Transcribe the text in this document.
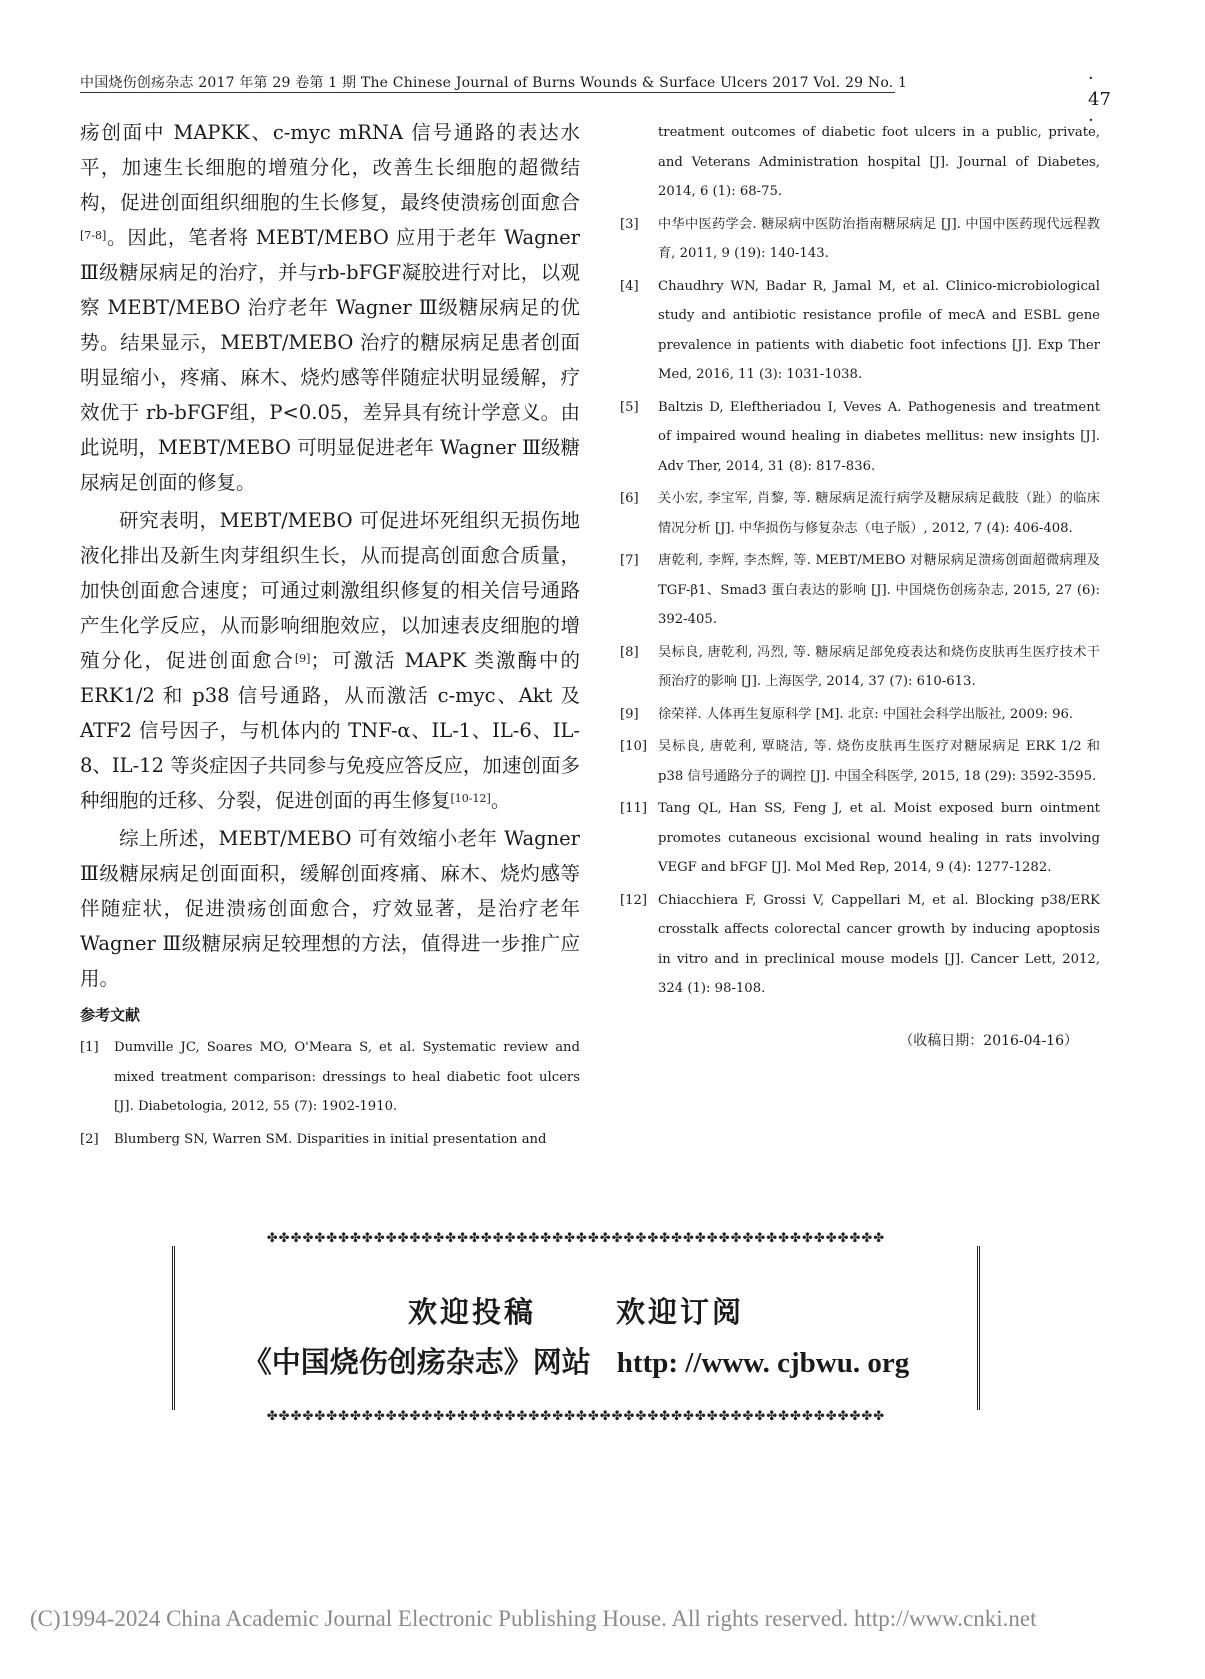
中国烧伤创疡杂志 2017 年第 29 卷第 1 期 The Chinese Journal of Burns Wounds & Surface Ulcers 2017 Vol. 29 No. 1	· 47 ·

疡创面中 MAPKK、c-myc mRNA 信号通路的表达水平，加速生长细胞的增殖分化，改善生长细胞的超微结构，促进创面组织细胞的生长修复，最终使溃疡创面愈合[7-8]。因此，笔者将 MEBT/MEBO 应用于老年 Wagner Ⅲ级糖尿病足的治疗，并与rb-bFGF凝胶进行对比，以观察 MEBT/MEBO 治疗老年 Wagner Ⅲ级糖尿病足的优势。结果显示，MEBT/MEBO 治疗的糖尿病足患者创面明显缩小，疼痛、麻木、烧灼感等伴随症状明显缓解，疗效优于 rb-bFGF组，P<0.05，差异具有统计学意义。由此说明，MEBT/MEBO 可明显促进老年 Wagner Ⅲ级糖尿病足创面的修复。

研究表明，MEBT/MEBO 可促进坏死组织无损伤地液化排出及新生肉芽组织生长，从而提高创面愈合质量，加快创面愈合速度；可通过刺激组织修复的相关信号通路产生化学反应，从而影响细胞效应，以加速表皮细胞的增殖分化，促进创面愈合[9]；可激活 MAPK 类激酶中的 ERK1/2 和 p38 信号通路，从而激活 c-myc、Akt 及 ATF2 信号因子，与机体内的 TNF-α、IL-1、IL-6、IL-8、IL-12 等炎症因子共同参与免疫应答反应，加速创面多种细胞的迁移、分裂，促进创面的再生修复[10-12]。

综上所述，MEBT/MEBO 可有效缩小老年 Wagner Ⅲ级糖尿病足创面面积，缓解创面疼痛、麻木、烧灼感等伴随症状，促进溃疡创面愈合，疗效显著，是治疗老年 Wagner Ⅲ级糖尿病足较理想的方法，值得进一步推广应用。

参考文献
[1]	Dumville JC, Soares MO, O'Meara S, et al. Systematic review and mixed treatment comparison: dressings to heal diabetic foot ulcers [J]. Diabetologia, 2012, 55 (7): 1902-1910.
[2]	Blumberg SN, Warren SM. Disparities in initial presentation and
treatment outcomes of diabetic foot ulcers in a public, private, and Veterans Administration hospital [J]. Journal of Diabetes, 2014, 6 (1): 68-75.
[3]	中华中医药学会. 糖尿病中医防治指南糖尿病足 [J]. 中国中医药现代远程教育, 2011, 9 (19): 140-143.
[4]	Chaudhry WN, Badar R, Jamal M, et al. Clinico-microbiological study and antibiotic resistance profile of mecA and ESBL gene prevalence in patients with diabetic foot infections [J]. Exp Ther Med, 2016, 11 (3): 1031-1038.
[5]	Baltzis D, Eleftheriadou I, Veves A. Pathogenesis and treatment of impaired wound healing in diabetes mellitus: new insights [J]. Adv Ther, 2014, 31 (8): 817-836.
[6]	关小宏, 李宝军, 肖黎, 等. 糖尿病足流行病学及糖尿病足截肢（趾）的临床情况分析 [J]. 中华损伤与修复杂志（电子版）, 2012, 7 (4): 406-408.
[7]	唐乾利, 李辉, 李杰辉, 等. MEBT/MEBO 对糖尿病足溃疡创面超微病理及 TGF-β1、Smad3 蛋白表达的影响 [J]. 中国烧伤创疡杂志, 2015, 27 (6): 392-405.
[8]	吴标良, 唐乾利, 冯烈, 等. 糖尿病足部免疫表达和烧伤皮肤再生医疗技术干预治疗的影响 [J]. 上海医学, 2014, 37 (7): 610-613.
[9]	徐荣祥. 人体再生复原科学 [M]. 北京: 中国社会科学出版社, 2009: 96.
[10] 吴标良, 唐乾利, 覃晓洁, 等. 烧伤皮肤再生医疗对糖尿病足 ERK 1/2 和 p38 信号通路分子的调控 [J]. 中国全科医学, 2015, 18 (29): 3592-3595.
[11] Tang QL, Han SS, Feng J, et al. Moist exposed burn ointment promotes cutaneous excisional wound healing in rats involving VEGF and bFGF [J]. Mol Med Rep, 2014, 9 (4): 1277-1282.
[12] Chiacchiera F, Grossi V, Cappellari M, et al. Blocking p38/ERK crosstalk affects colorectal cancer growth by inducing apoptosis in vitro and in preclinical mouse models [J]. Cancer Lett, 2012, 324 (1): 98-108.
（收稿日期：2016-04-16）
✤✤✤✤✤✤✤✤✤✤✤✤✤✤✤✤✤✤✤✤✤✤✤✤✤✤✤✤✤✤✤✤✤✤✤✤✤✤✤✤✤✤✤✤✤✤✤✤✤✤✤✤
✤✤✤✤✤✤✤✤✤✤✤✤✤✤✤✤✤✤✤✤✤✤✤✤✤✤✤✤✤✤✤✤✤✤✤✤✤✤✤✤✤✤✤✤✤✤✤✤✤✤✤✤
欢迎投稿	欢迎订阅
《中国烧伤创疡杂志》网站 http: //www. cjbwu. org
(C)1994-2024 China Academic Journal Electronic Publishing House. All rights reserved. http://www.cnki.net
